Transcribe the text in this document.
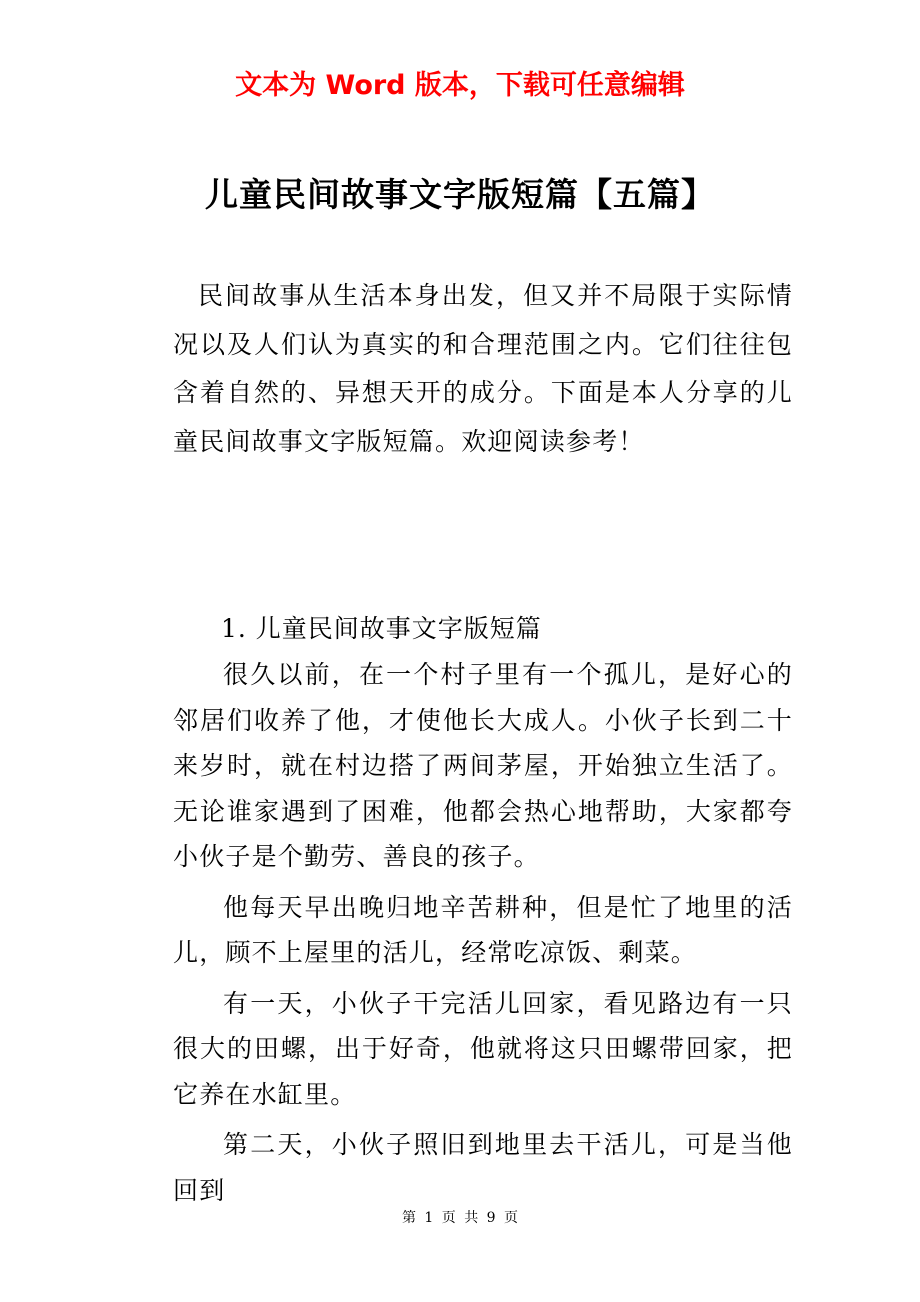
文本为 Word 版本，下载可任意编辑
儿童民间故事文字版短篇【五篇】

民间故事从生活本身出发，但又并不局限于实际情况以及人们认为真实的和合理范围之内。它们往往包含着自然的、异想天开的成分。下面是本人分享的儿童民间故事文字版短篇。欢迎阅读参考！

1. 儿童民间故事文字版短篇

很久以前，在一个村子里有一个孤儿，是好心的邻居们收养了他，才使他长大成人。小伙子长到二十来岁时，就在村边搭了两间茅屋，开始独立生活了。无论谁家遇到了困难，他都会热心地帮助，大家都夸小伙子是个勤劳、善良的孩子。

他每天早出晚归地辛苦耕种，但是忙了地里的活儿，顾不上屋里的活儿，经常吃凉饭、剩菜。

有一天，小伙子干完活儿回家，看见路边有一只很大的田螺，出于好奇，他就将这只田螺带回家，把它养在水缸里。

第二天，小伙子照旧到地里去干活儿，可是当他回到

第 1 页 共 9 页
